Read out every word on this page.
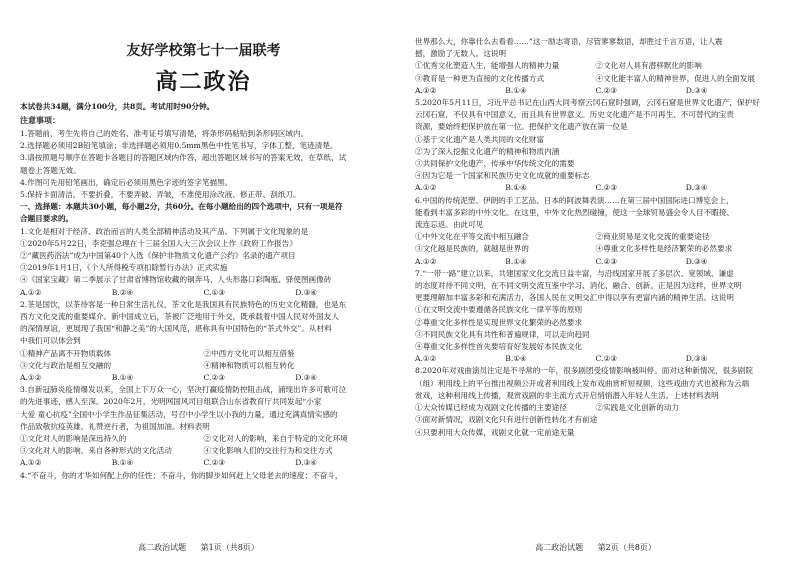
友好学校第七十一届联考

高二政治

本试卷共34题，满分100分，共8页。考试用时90分钟。

注意事项：

1.答题前，考生先将自己的姓名、准考证号填写清楚，将条形码粘贴到条形码区域内。

2.选择题必须用2B铅笔填涂；非选择题必须用0.5mm黑色中性笔书写，字体工整，笔迹清楚。

3.请按照题号顺序在答题卡各题目的答题区域内作答，超出答题区域书写的答案无效，在草纸、试

题卷上答题无效。

4.作图可先用铅笔画出，确定后必须用黑色字迹的签字笔描黑。

5.保持卡面清洁，不要折叠，不要弄破、弄皱，不准使用涂改液、修正带、刮纸刀。

一、选择题：本题共30小题，每小题2分，共60分。在每小题给出的四个选项中，只有一项是符

合题目要求的。

1.文化是相对于经济、政治而言的人类全部精神活动及其产品。下列属于文化现象的是

①2020年5月22日，李克强总理在十三届全国人大三次会议上作《政府工作报告》

②“藏医药浴法”成为中国第40个入选《保护非物质文化遗产公约》名录的遗产项目

③2019年1月1日，《个人所得税专项扣除暂行办法》正式实施

④《国家宝藏》第二季展示了甘肃省博物馆收藏的铜奔马、人头形器口彩陶瓶、驿使图画像砖

A.①②	B.②④	C.①③	D.③④

2.茶是国饮，以茶待客是一种日常生活礼仪，茶文化是我国具有民族特色的历史文化精髓，也是东

西方文化交流的重要媒介。新中国成立后，茶被广泛地用于外交，既承载着中国人民对外国友人

的深情厚谊，更展现了我国“和静之美”的大国风范，堪称具有中国特色的“茶式外交”。从材料

中我们可以体会到

①精神产品离不开物质载体	②中西方文化可以相互借鉴
③文化与政治是相互交融的	④精神和物质可以相互转化
A.①②	B.①④	C.②③	D.③④

3.自新冠肺炎疫情爆发以来，全国上下万众一心，坚决打赢疫情防控阻击战，涌现出许多可歌可泣

的先进事迹，感人至深。2020年2月，光明网国风司目组联合山东省教育厅共同发起“小家

大爱 童心抗疫”全国中小学生作品征集活动，号召中小学生以小我的力量，通过充满真情实感的

作品致敬抗疫英雄，礼赞逆行者，为祖国加油。材料表明

①文化对人的影响是深远持久的	②文化对人的影响，来自于特定的文化环境
③文化对人的影响，来自各种形式的文化活动	④文化影响人们的交往行为和交往方式
A.①②	B.①④	C.②③	D.③④

4.“不奋斗，你的才华如何配上你的任性；不奋斗，你的脚步如何赶上父母老去的速度；不奋斗，

高二政治试题 第1页（共8页）

世界那么大，你靠什么去看看……”这一励志寄语，尽管寥寥数语，却胜过千言万语，让人震

撼，激励了无数人。这说明

①优秀文化塑造人生，能增强人的精神力量	②文化对人具有潜移默化的影响
③教育是一种更为直接的文化传播方式	④文化能丰富人的精神世界，促进人的全面发展
A.①②	B.①④	C.②③	D.③④

5.2020年5月11日，习近平总书记在山西大同考察云冈石窟时强调，云冈石窟是世界文化遗产，保护好

云冈石窟，不仅具有中国意义，而且具有世界意义。历史文化遗产是不可再生、不可替代的宝贵

资源，要始终把保护放在第一位。把保护文化遗产放在第一位是

①基于文化遗产是人类共同的文化财富

②为了深入挖掘文化遗产的精神和物质内涵

③共同保护文化遗产、传承中华传统文化的需要

④因为它是一个国家和民族历史文化成就的重要标志

A.①②	B.①④	C.②③	D.③④

6.中国的传统泥塑、伊朗的手工艺品、日本的阿波舞表演……在第三届中国国际进口博览会上，

能看到丰富多彩的中外文化。在这里，中外文化热烈碰撞，使这一全球贸易盛会令人目不暇接、

流连忘返。由此可见

①中外文化在平等交流中相互融合	②商业贸易是文化交流的重要途径
③文化越是民族的，就越是世界的	④尊重文化多样性是经济繁荣的必然要求
A.①②	B.①④	C.②③	D.③④

7.“一带一路”建立以来，共建国家文化交流日益丰富，与沿线国家开展了多层次、宽领域、谦虚

的态度对待不同文明，在不同文明交流互鉴中学习、消化、融合、创新。正是因为这样，世界文明

更要理解加丰富多彩和充满活力，各国人民在文明交汇中得以享有更富内涵的精神生活。这说明

①在文明交流中要遵循各民族文化一律平等的原则

②尊重文化多样性是实现世界文化繁荣的必然要求

③不同民族文化具有共性和普遍规律，可以走向趋同

④尊重文化多样性首先要培育好发展好本民族文化

A.①②	B.①④	C.②③	D.③④

8.2020年对戏曲演员注定是不寻常的一年，很多剧团受疫情影响被叫停。面对这种新情况，很多剧院

（组）利用线上的平台推出视频公开或者利用线上发布戏曲赏析短视频，这些戏曲方式也被称为云端

赏戏，这种利用线上传播，观赏戏剧的非主流方式开启悄悄潜入年轻人生活。上述材料表明

①大众传媒已经成为戏剧文化传播的主要途径	②实践是文化创新的动力

③面对新情况，戏剧文化只有进行创新性转化才有前途

④只要利用大众传媒，戏剧文化就一定前途无量

高二政治试题 第2页（共8页）
